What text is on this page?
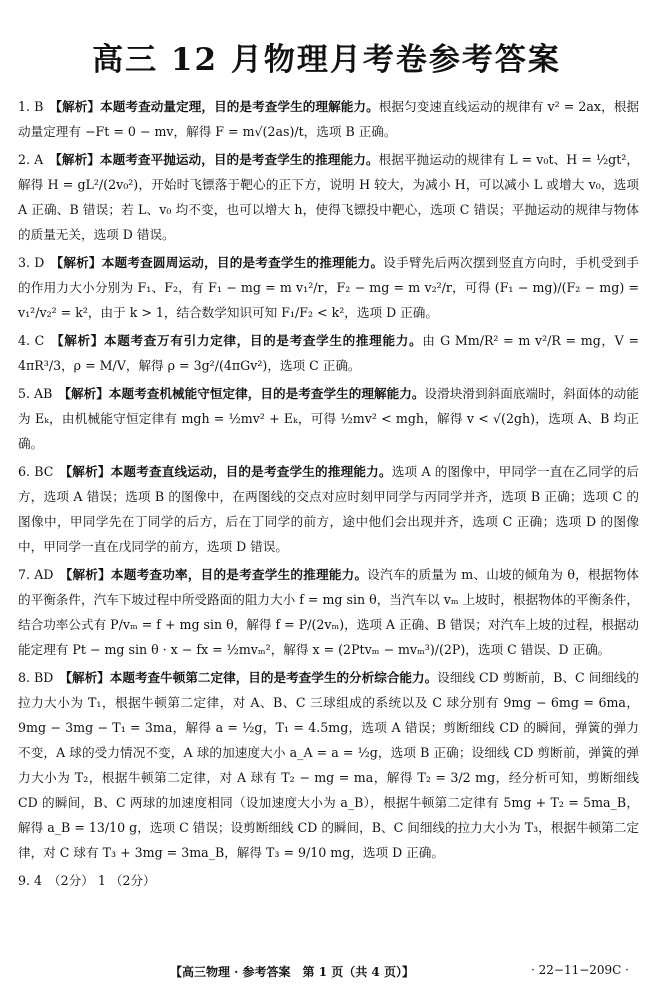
高三 12 月物理月考卷参考答案
1. B 【解析】本题考查动量定理，目的是考查学生的理解能力。根据匀变速直线运动的规律有 v² = 2ax，根据动量定理有 −Ft = 0 − mv，解得 F = m√(2as)/t，选项 B 正确。
2. A 【解析】本题考查平抛运动，目的是考查学生的推理能力。根据平抛运动的规律有 L = v₀t、H = ½gt²，解得 H = gL²/(2v₀²)，开始时飞镖落于靶心的正下方，说明 H 较大，为减小 H，可以减小 L 或增大 v₀，选项 A 正确、B 错误；若 L、v₀ 均不变，也可以增大 h，使得飞镖投中靶心，选项 C 错误；平抛运动的规律与物体的质量无关，选项 D 错误。
3. D 【解析】本题考查圆周运动，目的是考查学生的推理能力。设手臂先后两次摆到竖直方向时，手机受到手的作用力大小分别为 F₁、F₂，有 F₁ − mg = m v₁²/r，F₂ − mg = m v₂²/r，可得 (F₁ − mg)/(F₂ − mg) = v₁²/v₂² = k²，由于 k > 1，结合数学知识可知 F₁/F₂ < k²，选项 D 正确。
4. C 【解析】本题考查万有引力定律，目的是考查学生的推理能力。由 G Mm/R² = m v²/R = mg，V = 4πR³/3，ρ = M/V，解得 ρ = 3g²/(4πGv²)，选项 C 正确。
5. AB 【解析】本题考查机械能守恒定律，目的是考查学生的理解能力。设滑块滑到斜面底端时，斜面体的动能为 Eₖ，由机械能守恒定律有 mgh = ½mv² + Eₖ，可得 ½mv² < mgh，解得 v < √(2gh)，选项 A、B 均正确。
6. BC 【解析】本题考查直线运动，目的是考查学生的推理能力。选项 A 的图像中，甲同学一直在乙同学的后方，选项 A 错误；选项 B 的图像中，在两图线的交点对应时刻甲同学与丙同学并齐，选项 B 正确；选项 C 的图像中，甲同学先在丁同学的后方，后在丁同学的前方，途中他们会出现并齐，选项 C 正确；选项 D 的图像中，甲同学一直在戊同学的前方，选项 D 错误。
7. AD 【解析】本题考查功率，目的是考查学生的推理能力。设汽车的质量为 m、山坡的倾角为 θ，根据物体的平衡条件，汽车下坡过程中所受路面的阻力大小 f = mg sin θ，当汽车以 vₘ 上坡时，根据物体的平衡条件，结合功率公式有 P/vₘ = f + mg sin θ，解得 f = P/(2vₘ)，选项 A 正确、B 错误；对汽车上坡的过程，根据动能定理有 Pt − mg sin θ · x − fx = ½mvₘ²，解得 x = (2Ptvₘ − mvₘ³)/(2P)，选项 C 错误、D 正确。
8. BD 【解析】本题考查牛顿第二定律，目的是考查学生的分析综合能力。设细线 CD 剪断前，B、C 间细线的拉力大小为 T₁，根据牛顿第二定律，对 A、B、C 三球组成的系统以及 C 球分别有 9mg − 6mg = 6ma，9mg − 3mg − T₁ = 3ma，解得 a = ½g，T₁ = 4.5mg，选项 A 错误；剪断细线 CD 的瞬间，弹簧的弹力不变，A 球的受力情况不变，A 球的加速度大小 a_A = a = ½g，选项 B 正确；设细线 CD 剪断前，弹簧的弹力大小为 T₂，根据牛顿第二定律，对 A 球有 T₂ − mg = ma，解得 T₂ = 3/2 mg，经分析可知，剪断细线 CD 的瞬间，B、C 两球的加速度相同（设加速度大小为 a_B），根据牛顿第二定律有 5mg + T₂ = 5ma_B，解得 a_B = 13/10 g，选项 C 错误；设剪断细线 CD 的瞬间，B、C 间细线的拉力大小为 T₃，根据牛顿第二定律，对 C 球有 T₃ + 3mg = 3ma_B，解得 T₃ = 9/10 mg，选项 D 正确。
9. 4 （2分） 1 （2分）
【高三物理 · 参考答案　第 1 页（共 4 页）】	· 22−11−209C ·
